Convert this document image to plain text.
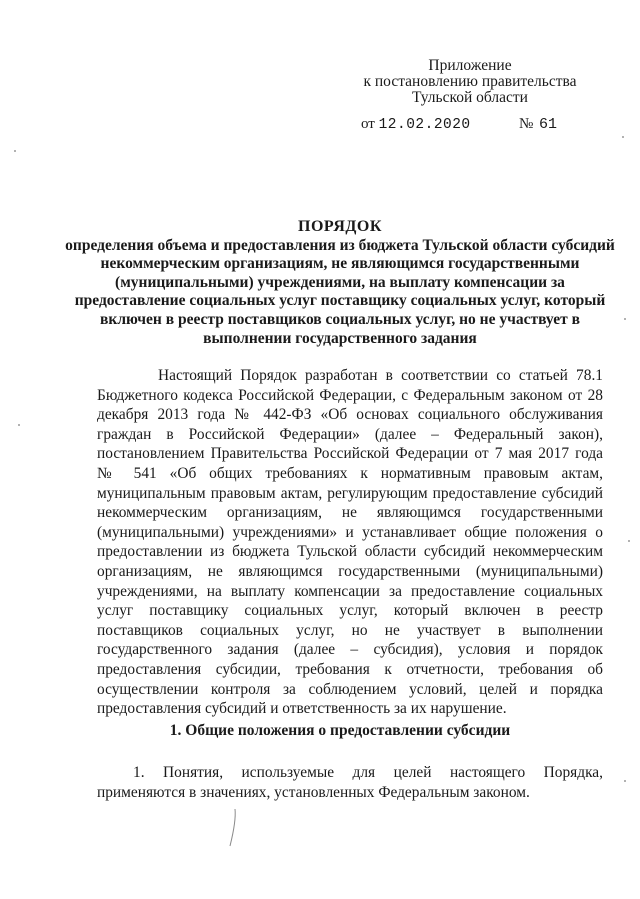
Приложение
к постановлению правительства
Тульской области
от 12.02.2020	№ 61
ПОРЯДОК
определения объема и предоставления из бюджета Тульской области субсидий некоммерческим организациям, не являющимся государственными (муниципальными) учреждениями, на выплату компенсации за предоставление социальных услуг поставщику социальных услуг, который включен в реестр поставщиков социальных услуг, но не участвует в выполнении государственного задания
Настоящий Порядок разработан в соответствии со статьей 78.1 Бюджетного кодекса Российской Федерации, с Федеральным законом от 28 декабря 2013 года № 442-ФЗ «Об основах социального обслуживания граждан в Российской Федерации» (далее – Федеральный закон), постановлением Правительства Российской Федерации от 7 мая 2017 года № 541 «Об общих требованиях к нормативным правовым актам, муниципальным правовым актам, регулирующим предоставление субсидий некоммерческим организациям, не являющимся государственными (муниципальными) учреждениями» и устанавливает общие положения о предоставлении из бюджета Тульской области субсидий некоммерческим организациям, не являющимся государственными (муниципальными) учреждениями, на выплату компенсации за предоставление социальных услуг поставщику социальных услуг, который включен в реестр поставщиков социальных услуг, но не участвует в выполнении государственного задания (далее – субсидия), условия и порядок предоставления субсидии, требования к отчетности, требования об осуществлении контроля за соблюдением условий, целей и порядка предоставления субсидий и ответственность за их нарушение.
1. Общие положения о предоставлении субсидии
1. Понятия, используемые для целей настоящего Порядка, применяются в значениях, установленных Федеральным законом.
